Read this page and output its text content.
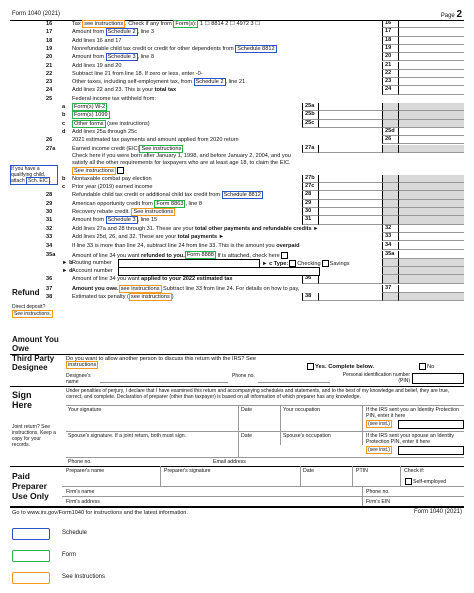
Form 1040 (2021)	Page 2
16	Tax see instructions . Check if any from Form(s): 1 ☐ 8814 2 ☐ 4972 3 ☐	16
17	Amount from Schedule 2 , line 3	17
18	Add lines 16 and 17	18
19	Nonrefundable child tax credit or credit for other dependents from Schedule 8812	19
20	Amount from Schedule 3 , line 8	20
21	Add lines 19 and 20	21
22	Subtract line 21 from line 18. If zero or less, enter -0-	22
23	Other taxes, including self-employment tax, from Schedule 2 , line 21	23
24	Add lines 22 and 23. This is your total tax	24
25	Federal income tax withheld from:
a	Form(s) W-2	25a
b	Form(s) 1099	25b
c	Other forms (see instructions)	25c
d	Add lines 25a through 25c	25d
26	2021 estimated tax payments and amount applied from 2020 return	26
27a	Earned income credit (EIC) See instructions	27a
Check here if you were born after January 1, 1998, and before January 2, 2004, and you satisfy all the other requirements for taxpayers who are at least age 18, to claim the EIC. See instructions
b	Nontaxable combat pay election	27b
c	Prior year (2019) earned income	27c
28	Refundable child tax credit or additional child tax credit from Schedule 8812	28
29	American opportunity credit from Form 8863 , line 8	29
30	Recovery rebate credit. See instructions	30
31	Amount from Schedule 3 , line 15	31
32	Add lines 27a and 28 through 31. These are your total other payments and refundable credits ►	32
33	Add lines 25d, 26, and 32. These are your total payments ►	33
34	If line 33 is more than line 24, subtract line 24 from line 33. This is the amount you overpaid	34
35a	Amount of line 34 you want refunded to you. Form 8888 If is attached, check here	35a
► b Routing number	► c Type: Checking Savings
► d Account number
36	Amount of line 34 you want applied to your 2022 estimated tax	36
37	Amount you owe. see instructions Subtract line 33 from line 24. For details on how to pay,	37
38	Estimated tax penalty ( see instructions )	38
If you have a qualifying child, attach Sch. EIC .
Refund
Direct deposit?
See instructions.
Amount You Owe
Third Party Designee
Do you want to allow another person to discuss this return with the IRS? See
instructions	Yes. Complete below.	No
Designee's name
Phone no.	Personal identification number (PIN)
Sign Here
Under penalties of perjury, I declare that I have examined this return and accompanying schedules and statements, and to the best of my knowledge and belief, they are true, correct, and complete. Declaration of preparer (other than taxpayer) is based on all information of which preparer has any knowledge.
Your signature	Date	Your occupation	If the IRS sent you an Identity Protection PIN, enter it here
(see inst.)
Joint return? See instructions. Keep a copy for your records.
Spouse's signature. If a joint return, both must sign.	Date	Spouse's occupation	If the IRS sent your spouse an Identity Protection PIN, enter it here
(see inst.)
Phone no.	Email address
Paid Preparer Use Only
Preparer's name	Preparer's signature	Date	PTIN	Check if:
Self-employed
Firm's name	Phone no.
Firm's address	Firm's EIN
Go to www.irs.gov/Form1040 for instructions and the latest information.	Form 1040 (2021)
Schedule
Form
See Instructions
